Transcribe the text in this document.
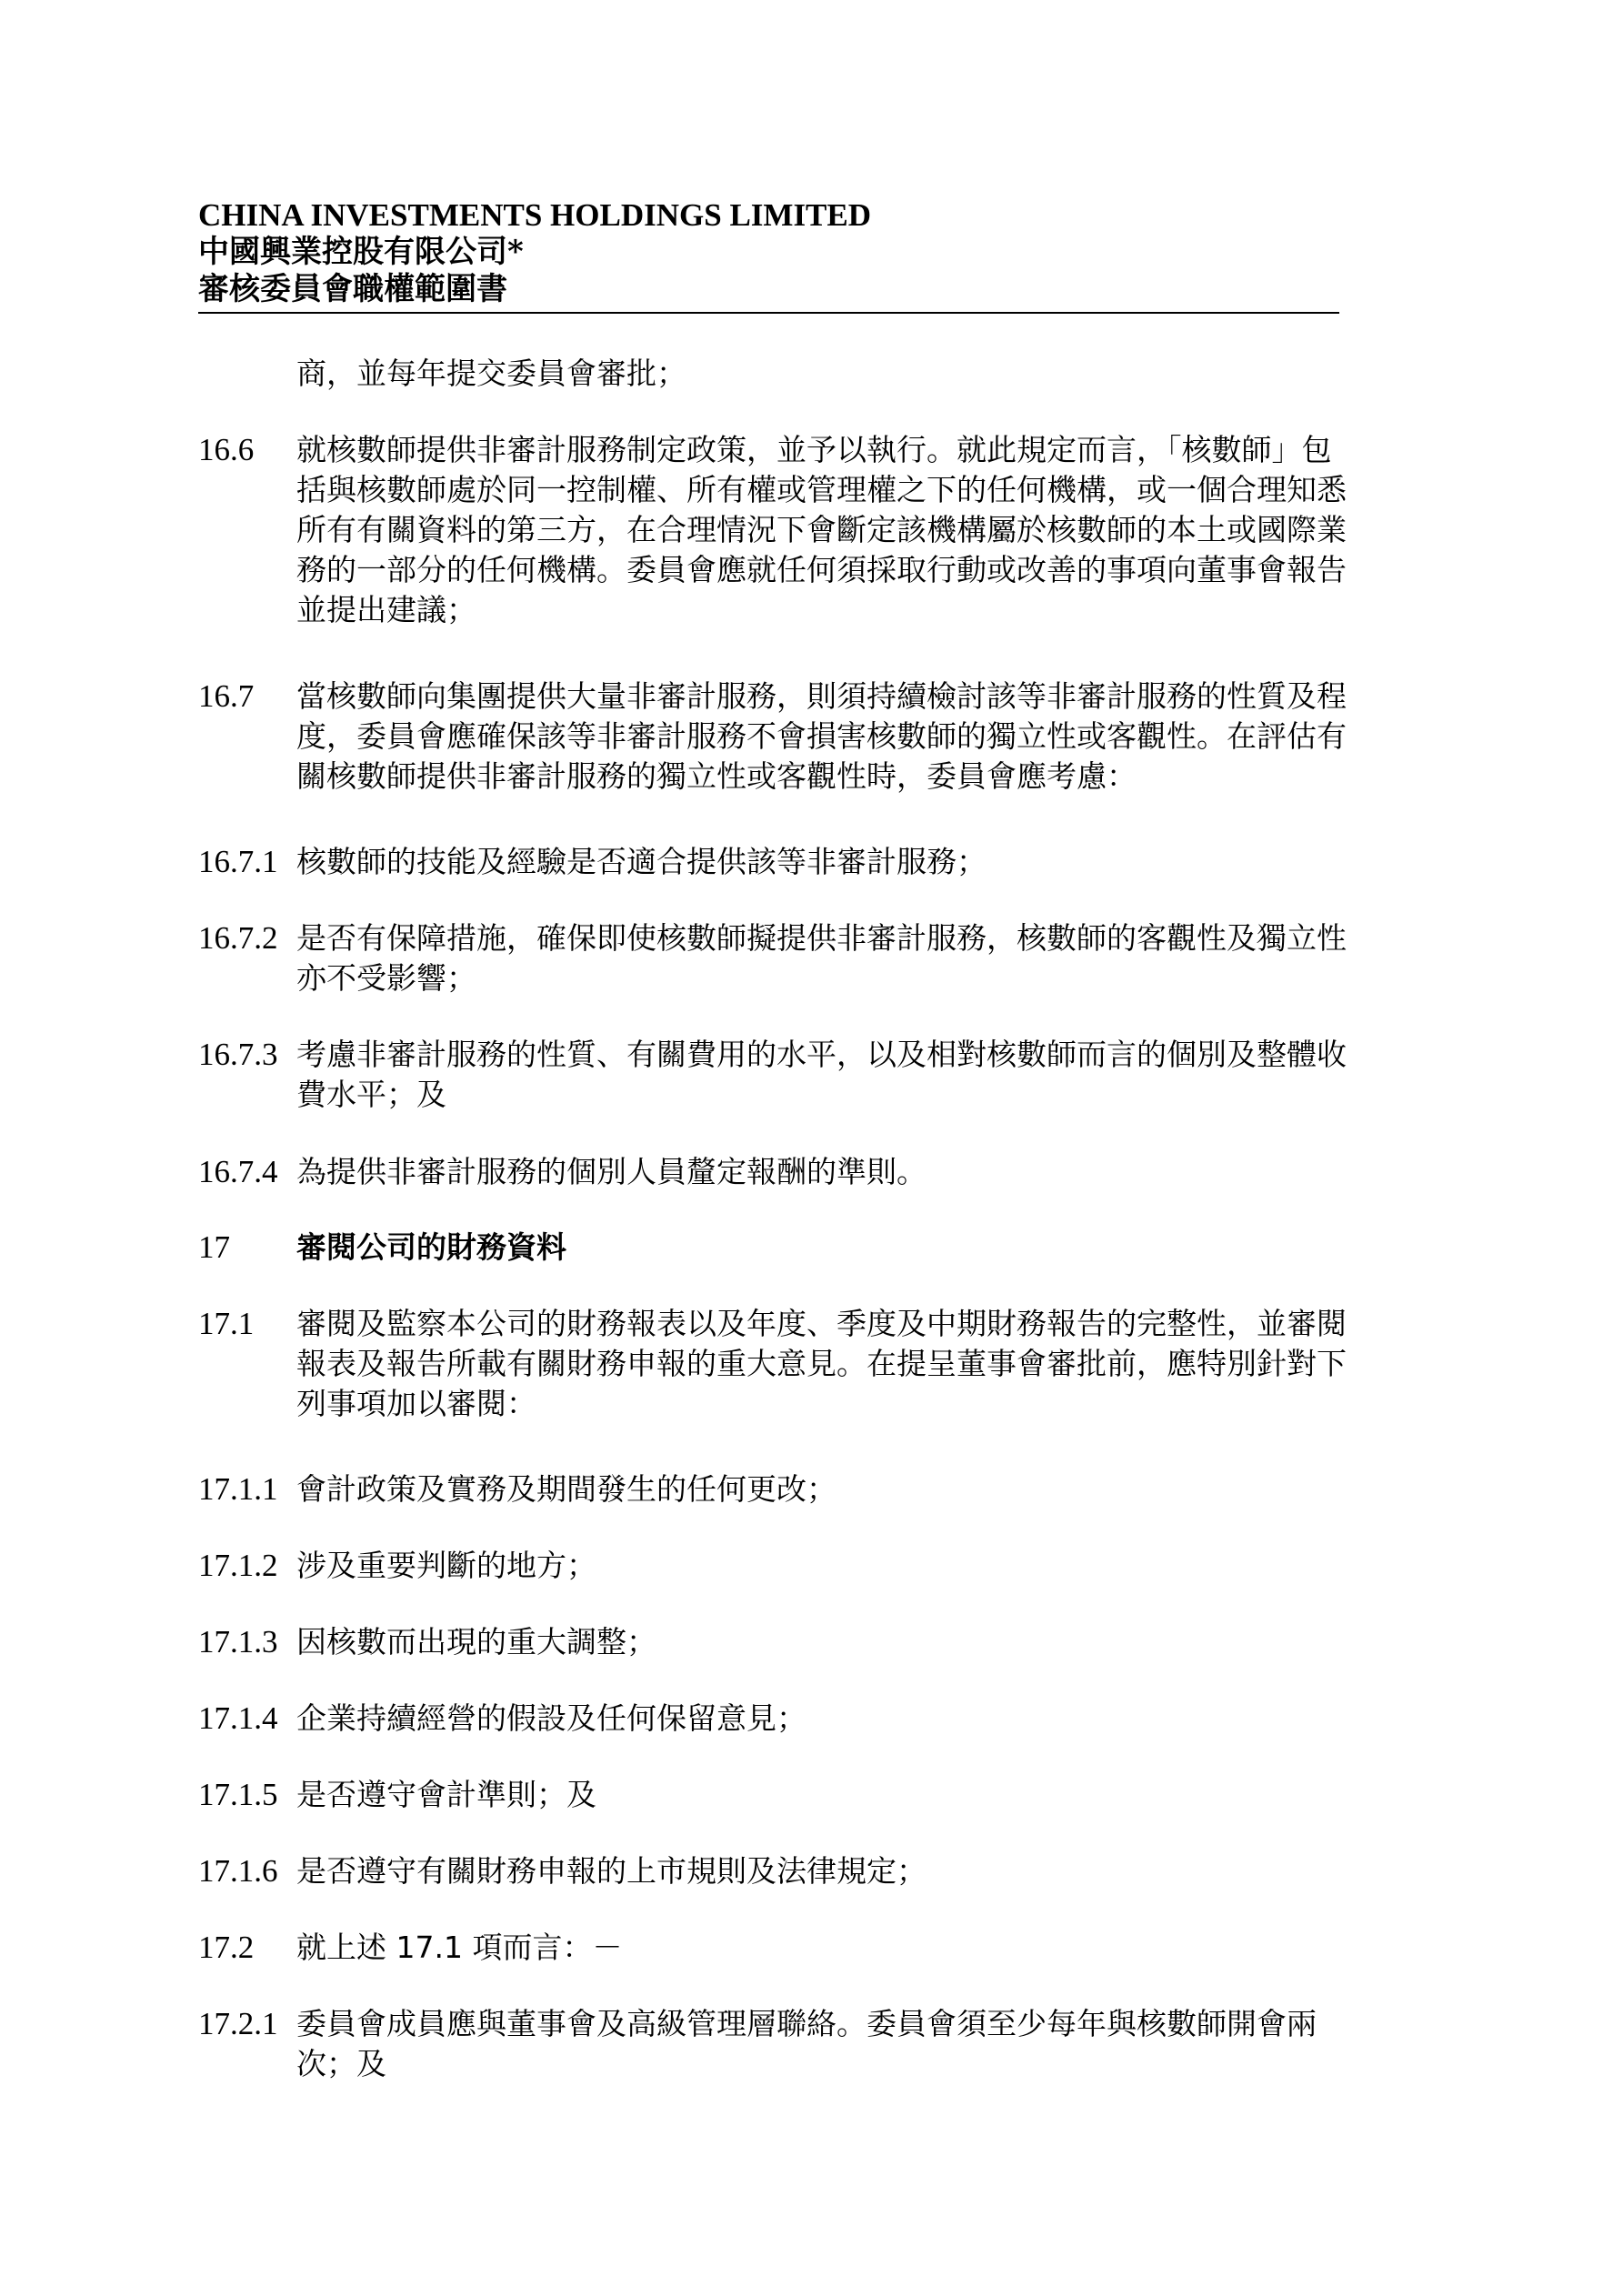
CHINA INVESTMENTS HOLDINGS LIMITED
中國興業控股有限公司*
審核委員會職權範圍書
商，並每年提交委員會審批；
16.6 就核數師提供非審計服務制定政策，並予以執行。就此規定而言，「核數師」包
括與核數師處於同一控制權、所有權或管理權之下的任何機構，或一個合理知悉
所有有關資料的第三方，在合理情況下會斷定該機構屬於核數師的本土或國際業
務的一部分的任何機構。委員會應就任何須採取行動或改善的事項向董事會報告
並提出建議；
16.7 當核數師向集團提供大量非審計服務，則須持續檢討該等非審計服務的性質及程
度，委員會應確保該等非審計服務不會損害核數師的獨立性或客觀性。在評估有
關核數師提供非審計服務的獨立性或客觀性時，委員會應考慮：
16.7.1 核數師的技能及經驗是否適合提供該等非審計服務；
16.7.2 是否有保障措施，確保即使核數師擬提供非審計服務，核數師的客觀性及獨立性
亦不受影響；
16.7.3 考慮非審計服務的性質、有關費用的水平，以及相對核數師而言的個別及整體收
費水平；及
16.7.4 為提供非審計服務的個別人員釐定報酬的準則。
17 審閱公司的財務資料
17.1 審閱及監察本公司的財務報表以及年度、季度及中期財務報告的完整性，並審閱
報表及報告所載有關財務申報的重大意見。在提呈董事會審批前，應特別針對下
列事項加以審閱：
17.1.1 會計政策及實務及期間發生的任何更改；
17.1.2 涉及重要判斷的地方；
17.1.3 因核數而出現的重大調整；
17.1.4 企業持續經營的假設及任何保留意見；
17.1.5 是否遵守會計準則；及
17.1.6 是否遵守有關財務申報的上市規則及法律規定；
17.2 就上述 17.1 項而言：－
17.2.1 委員會成員應與董事會及高級管理層聯絡。委員會須至少每年與核數師開會兩
次；及
